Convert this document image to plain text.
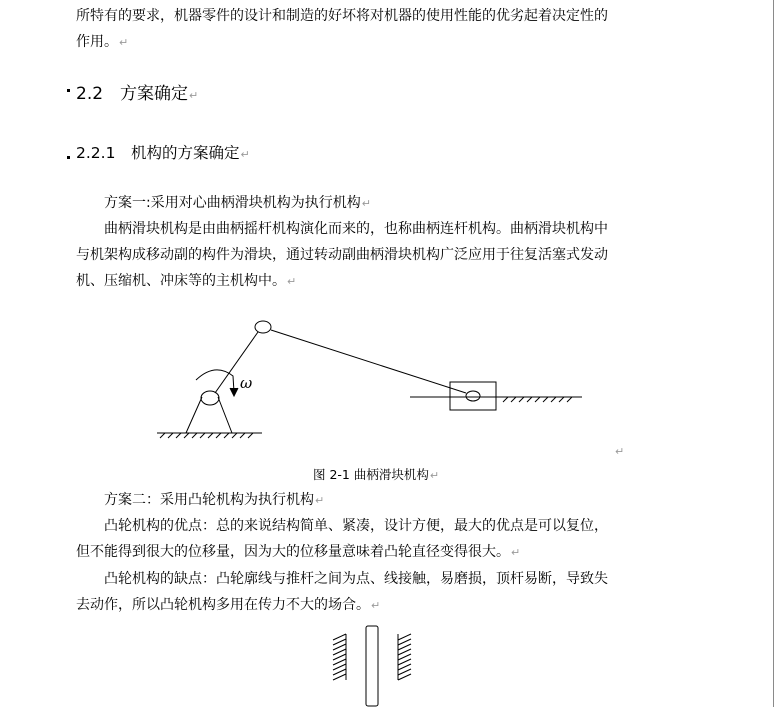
所特有的要求，机器零件的设计和制造的好坏将对机器的使用性能的优劣起着决定性的
作用。↵
2.2　方案确定↵
2.2.1　机构的方案确定↵
方案一:采用对心曲柄滑块机构为执行机构↵
曲柄滑块机构是由曲柄摇杆机构演化而来的，也称曲柄连杆机构。曲柄滑块机构中
与机架构成移动副的构件为滑块，通过转动副曲柄滑块机构广泛应用于往复活塞式发动
机、压缩机、冲床等的主机构中。↵
ω
↵
图 2-1 曲柄滑块机构↵
方案二：采用凸轮机构为执行机构↵
凸轮机构的优点：总的来说结构简单、紧凑，设计方便，最大的优点是可以复位，
但不能得到很大的位移量，因为大的位移量意味着凸轮直径变得很大。↵
凸轮机构的缺点：凸轮廓线与推杆之间为点、线接触，易磨损，顶杆易断，导致失
去动作，所以凸轮机构多用在传力不大的场合。↵
